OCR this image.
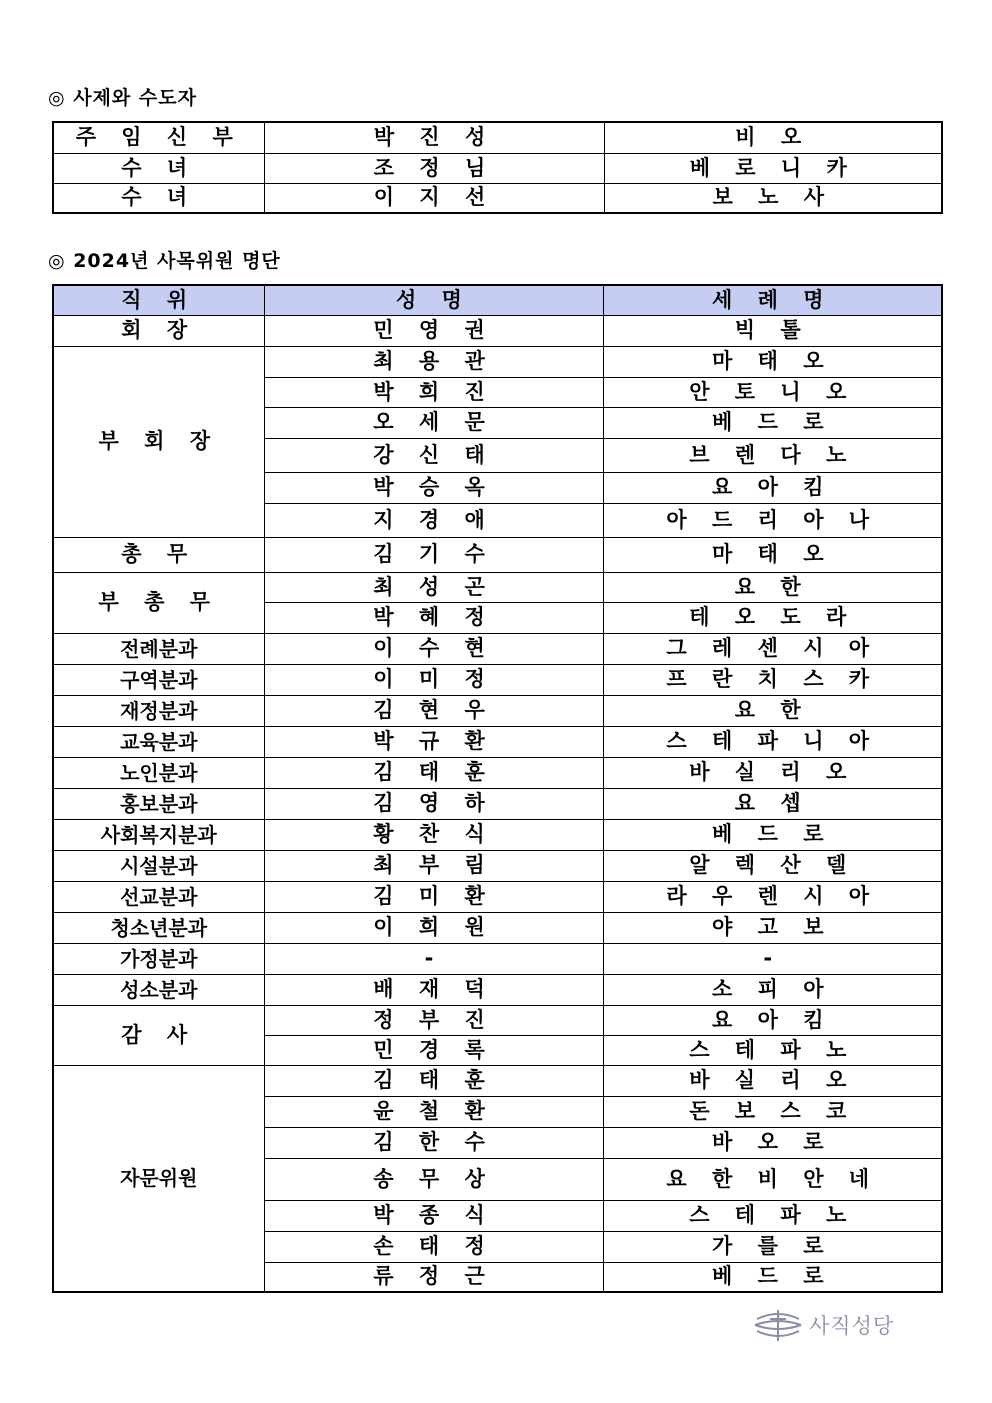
◎ 사제와 수도자
주 임 신 부	박 진 성	비 오
수 녀	조 정 님	베 로 니 카
수 녀	이 지 선	보 노 사
◎ 2024년 사목위원 명단
직 위	성 명	세 례 명
회 장	민 영 권	빅 톨
부 회 장	최 용 관	마 태 오
	박 희 진	안 토 니 오
	오 세 문	베 드 로
	강 신 태	브 렌 다 노
	박 승 옥	요 아 킴
	지 경 애	아 드 리 아 나
총 무	김 기 수	마 태 오
부 총 무	최 성 곤	요 한
	박 혜 정	테 오 도 라
전례분과	이 수 현	그 레 센 시 아
구역분과	이 미 정	프 란 치 스 카
재정분과	김 현 우	요 한
교육분과	박 규 환	스 테 파 니 아
노인분과	김 태 훈	바 실 리 오
홍보분과	김 영 하	요 셉
사회복지분과	황 찬 식	베 드 로
시설분과	최 부 림	알 렉 산 델
선교분과	김 미 환	라 우 렌 시 아
청소년분과	이 희 원	야 고 보
가정분과	-	-
성소분과	배 재 덕	소 피 아
감 사	정 부 진	요 아 킴
	민 경 록	스 테 파 노
자문위원	김 태 훈	바 실 리 오
	윤 철 환	돈 보 스 코
	김 한 수	바 오 로
	송 무 상	요 한 비 안 네
	박 종 식	스 테 파 노
	손 태 정	가 를 로
	류 정 근	베 드 로
사직성당
